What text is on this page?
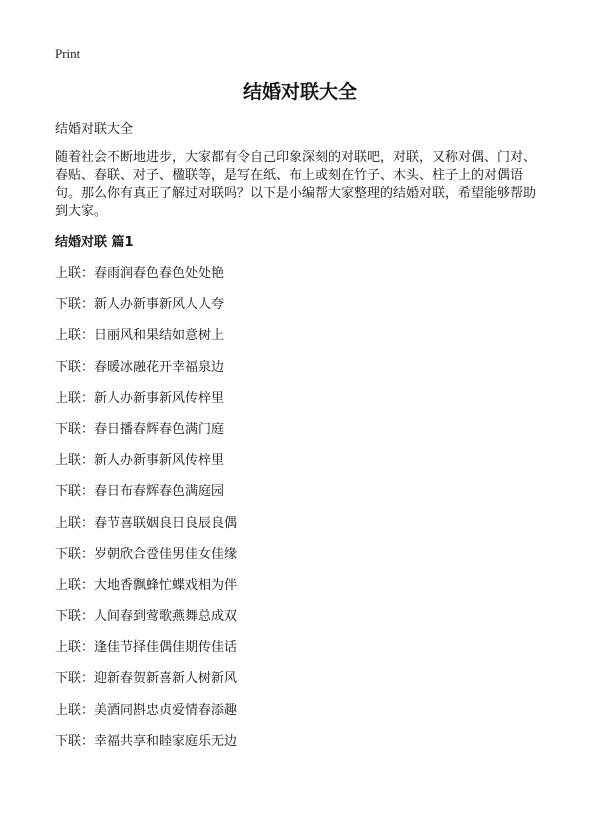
Print
结婚对联大全

结婚对联大全

随着社会不断地进步，大家都有令自己印象深刻的对联吧，对联，又称对偶、门对、春贴、春联、对子、楹联等，是写在纸、布上或刻在竹子、木头、柱子上的对偶语句。那么你有真正了解过对联吗？以下是小编帮大家整理的结婚对联，希望能够帮助到大家。

结婚对联 篇1
上联：春雨润春色春色处处艳
下联：新人办新事新风人人夸
上联：日丽风和果结如意树上
下联：春暖冰融花开幸福泉边
上联：新人办新事新风传梓里
下联：春日播春辉春色满门庭
上联：新人办新事新风传梓里
下联：春日布春辉春色满庭园
上联：春节喜联姻良日良辰良偶
下联：岁朝欣合卺佳男佳女佳缘
上联：大地香飘蜂忙蝶戏相为伴
下联：人间春到莺歌燕舞总成双
上联：逢佳节择佳偶佳期传佳话
下联：迎新春贺新喜新人树新风
上联：美酒同斟忠贞爱情春添趣
下联：幸福共享和睦家庭乐无边
